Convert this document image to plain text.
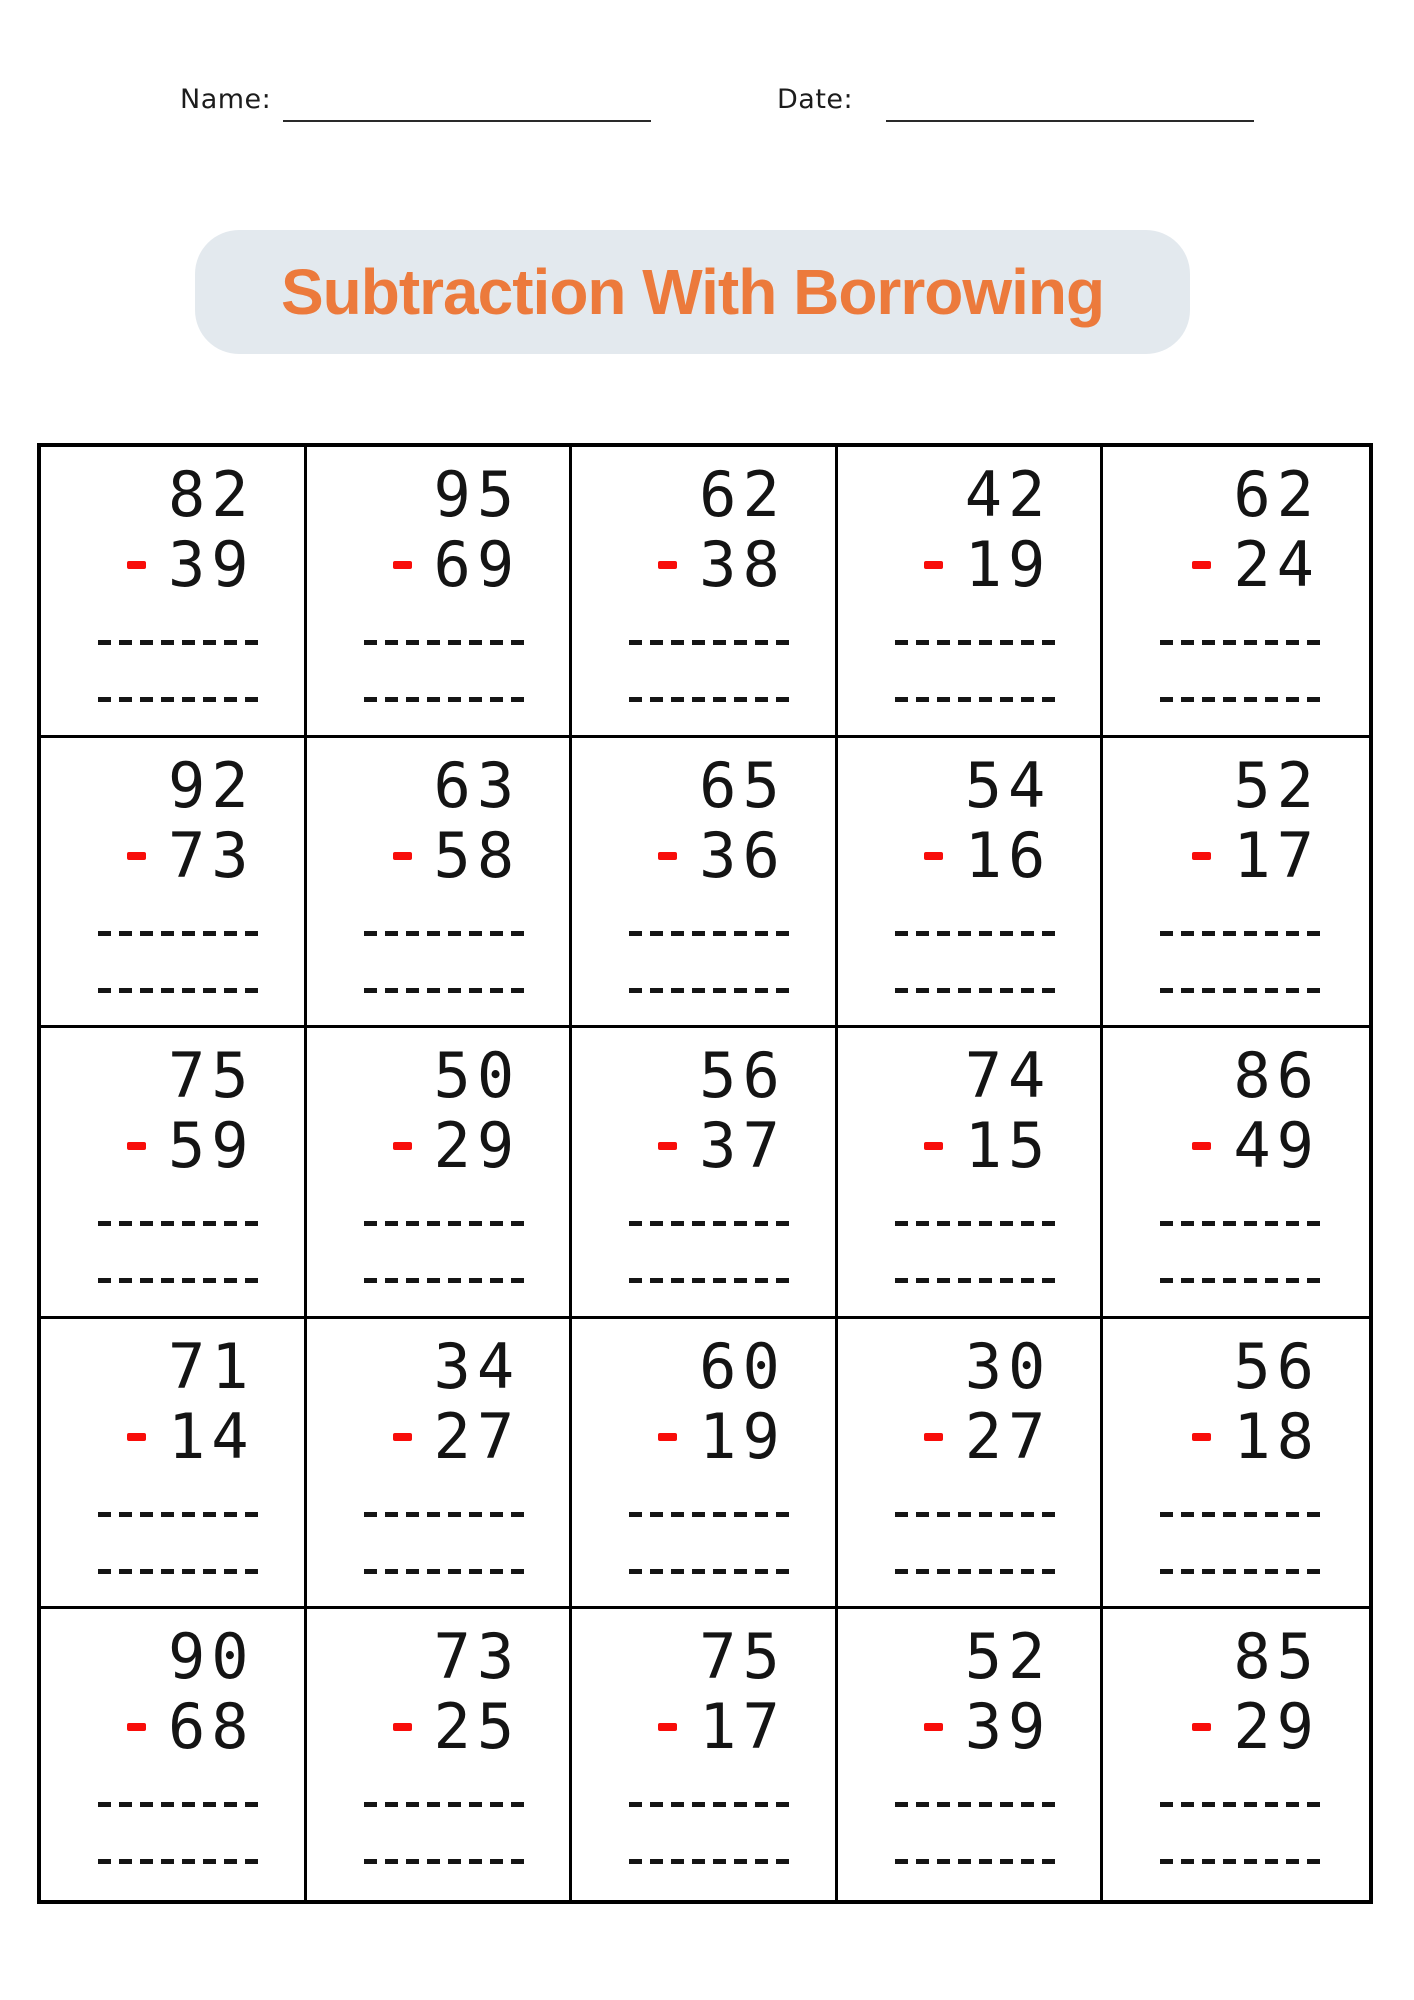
Name:	Date:
Subtraction With Borrowing
82
39
95
69
62
38
42
19
62
24
92
73
63
58
65
36
54
16
52
17
75
59
50
29
56
37
74
15
86
49
71
14
34
27
60
19
30
27
56
18
90
68
73
25
75
17
52
39
85
29
